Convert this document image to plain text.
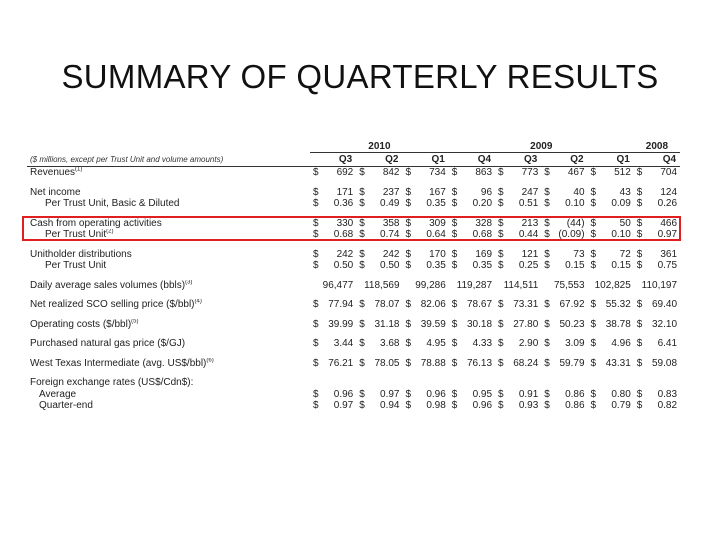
SUMMARY OF QUARTERLY RESULTS
	2010			2009				2008
($ millions, except per Trust Unit and volume amounts)	Q3	Q2	Q1	Q4	Q3	Q2	Q1	Q4
Revenues$^{(1)}$	$ 692	$ 842	$ 734	$ 863	$ 773	$ 467	$ 512	$ 704

Net income	$ 171	$ 237	$ 167	$ 96	$ 247	$ 40	$ 43	$ 124
Per Trust Unit, Basic & Diluted	$ 0.36	$ 0.49	$ 0.35	$ 0.20	$ 0.51	$ 0.10	$ 0.09	$ 0.26

Cash from operating activities	$ 330	$ 358	$ 309	$ 328	$ 213	$ (44)	$ 50	$ 466
Per Trust Unit$^{(2)}$	$ 0.68	$ 0.74	$ 0.64	$ 0.68	$ 0.44	$ (0.09)	$ 0.10	$ 0.97

Unitholder distributions	$ 242	$ 242	$ 170	$ 169	$ 121	$ 73	$ 72	$ 361
Per Trust Unit	$ 0.50	$ 0.50	$ 0.35	$ 0.35	$ 0.25	$ 0.15	$ 0.15	$ 0.75

Daily average sales volumes (bbls)$^{(3)}$	96,477	118,569	99,286	119,287	114,511	75,553	102,825	110,197

Net realized SCO selling price ($/bbl)$^{(4)}$	$ 77.94	$ 78.07	$ 82.06	$ 78.67	$ 73.31	$ 67.92	$ 55.32	$ 69.40

Operating costs ($/bbl)$^{(5)}$	$ 39.99	$ 31.18	$ 39.59	$ 30.18	$ 27.80	$ 50.23	$ 38.78	$ 32.10

Purchased natural gas price ($/GJ)	$ 3.44	$ 3.68	$ 4.95	$ 4.33	$ 2.90	$ 3.09	$ 4.96	$ 6.41

West Texas Intermediate (avg. US$/bbl)$^{(6)}$	$ 76.21	$ 78.05	$ 78.88	$ 76.13	$ 68.24	$ 59.79	$ 43.31	$ 59.08

Foreign exchange rates (US$/Cdn$):								
Average	$ 0.96	$ 0.97	$ 0.96	$ 0.95	$ 0.91	$ 0.86	$ 0.80	$ 0.83
Quarter-end	$ 0.97	$ 0.94	$ 0.98	$ 0.96	$ 0.93	$ 0.86	$ 0.79	$ 0.82
